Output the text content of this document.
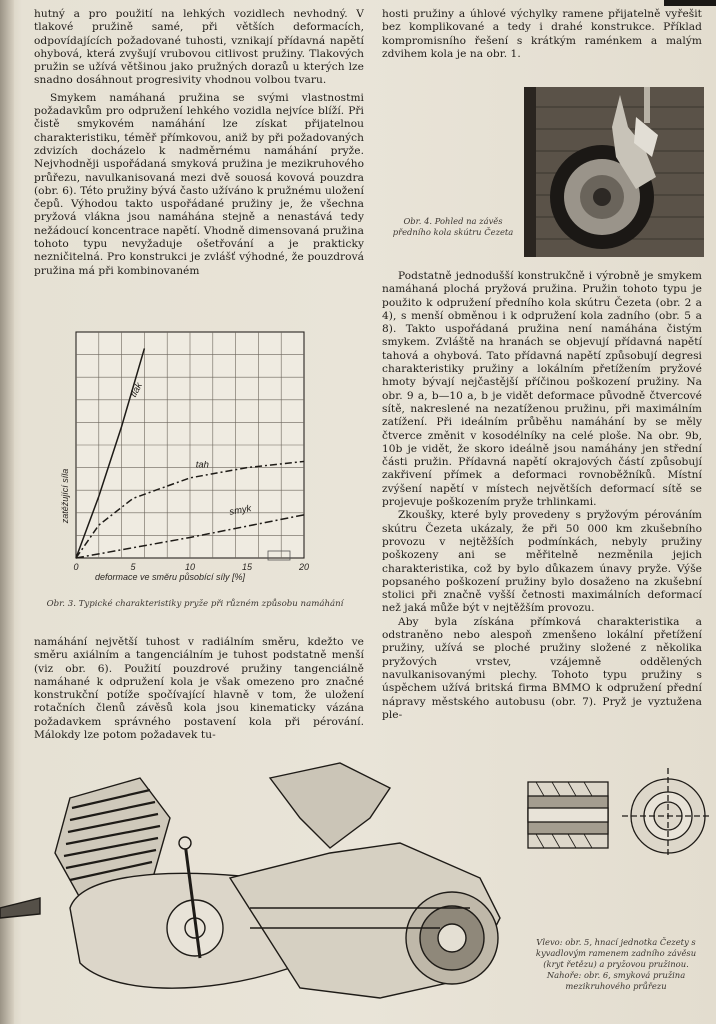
hutný a pro použití na lehkých vozidlech nevhodný. V tlakové pružině samé, při větších deformacích, odpovídajících požadované tuhosti, vznikají přídavná napětí ohybová, která zvyšují vrubovou citlivost pružiny. Tlakových pružin se užívá většinou jako pružných dorazů u kterých lze snadno dosáhnout progresivity vhodnou volbou tvaru.

Smykem namáhaná pružina se svými vlastnostmi požadavkům pro odpružení lehkého vozidla nejvíce blíží. Při čistě smykovém namáhání lze získat přijatelnou charakteristiku, téměř přímkovou, aniž by při požadovaných zdvizích docházelo k nadměrnému namáhání pryže. Nejvhodněji uspořádaná smyková pružina je mezikruhového průřezu, navulkanisovaná mezi dvě souosá kovová pouzdra (obr. 6). Této pružiny bývá často užíváno k pružnému uložení čepů. Výhodou takto uspořádané pružiny je, že všechna pryžová vlákna jsou namáhána stejně a nenastává tedy nežádoucí koncentrace napětí. Vhodně dimensovaná pružina tohoto typu nevyžaduje ošetřování a je prakticky nezničitelná. Pro konstrukci je zvlášť výhodné, že pouzdrová pružina má při kombinovaném

tlak
tah
smyk
0	5	10	15	20
zatěžující síla
deformace ve směru působící síly [%]
Obr. 3. Typické charakteristiky pryže při různém způsobu namáhání

namáhání největší tuhost v radiálním směru, kdežto ve směru axiálním a tangenciálním je tuhost podstatně menší (viz obr. 6). Použití pouzdrové pružiny tangenciálně namáhané k odpružení kola je však omezeno pro značné konstrukční potíže spočívající hlavně v tom, že uložení rotačních členů závěsů kola jsou kinematicky vázána požadavkem správného postavení kola při pérování. Málokdy lze potom požadavek tu-

hosti pružiny a úhlové výchylky ramene přijatelně vyřešit bez komplikované a tedy i drahé konstrukce. Příklad kompromisního řešení s krátkým raménkem a malým zdvihem kola je na obr. 1.

Obr. 4. Pohled na závěs předního kola skútru Čezeta

Podstatně jednodušší konstrukčně i výrobně je smykem namáhaná plochá pryžová pružina. Pružin tohoto typu je použito k odpružení předního kola skútru Čezeta (obr. 2 a 4), s menší obměnou i k odpružení kola zadního (obr. 5 a 8). Takto uspořádaná pružina není namáhána čistým smykem. Zvláště na hranách se objevují přídavná napětí tahová a ohybová. Tato přídavná napětí způsobují degresi charakteristiky pružiny a lokálním přetížením pryžové hmoty bývají nejčastější příčinou poškození pružiny. Na obr. 9 a, b—10 a, b je vidět deformace původně čtvercové sítě, nakreslené na nezatíženou pružinu, při maximálním zatížení. Při ideálním průběhu namáhání by se měly čtverce změnit v kosodélníky na celé ploše. Na obr. 9b, 10b je vidět, že skoro ideálně jsou namáhány jen střední části pružin. Přídavná napětí okrajových částí způsobují zakřivení přímek a deformaci rovnoběžníků. Místní zvýšení napětí v místech největších deformací sítě se projevuje poškozením pryže trhlinkami.

Zkoušky, které byly provedeny s pryžovým pérováním skútru Čezeta ukázaly, že při 50 000 km zkušebního provozu v nejtěžších podmínkách, nebyly pružiny poškozeny ani se měřitelně nezměnila jejich charakteristika, což by bylo důkazem únavy pryže. Výše popsaného poškození pružiny bylo dosaženo na zkušební stolici při značně vyšší četnosti maximálních deformací než jaká může být v nejtěžším provozu.

Aby byla získána přímková charakteristika a odstraněno nebo alespoň zmenšeno lokální přetížení pružiny, užívá se ploché pružiny složené z několika pryžových vrstev, vzájemně oddělených navulkanisovanými plechy. Tohoto typu pružiny s úspěchem užívá britská firma BMMO k odpružení přední nápravy městského autobusu (obr. 7). Pryž je vyztužena ple-

Vlevo: obr. 5, hnací jednotka Čezety s kyvadlovým ramenem zadního závěsu (kryt řetězu) a pryžovou pružinou. Nahoře: obr. 6, smyková pružina mezikruhového průřezu
